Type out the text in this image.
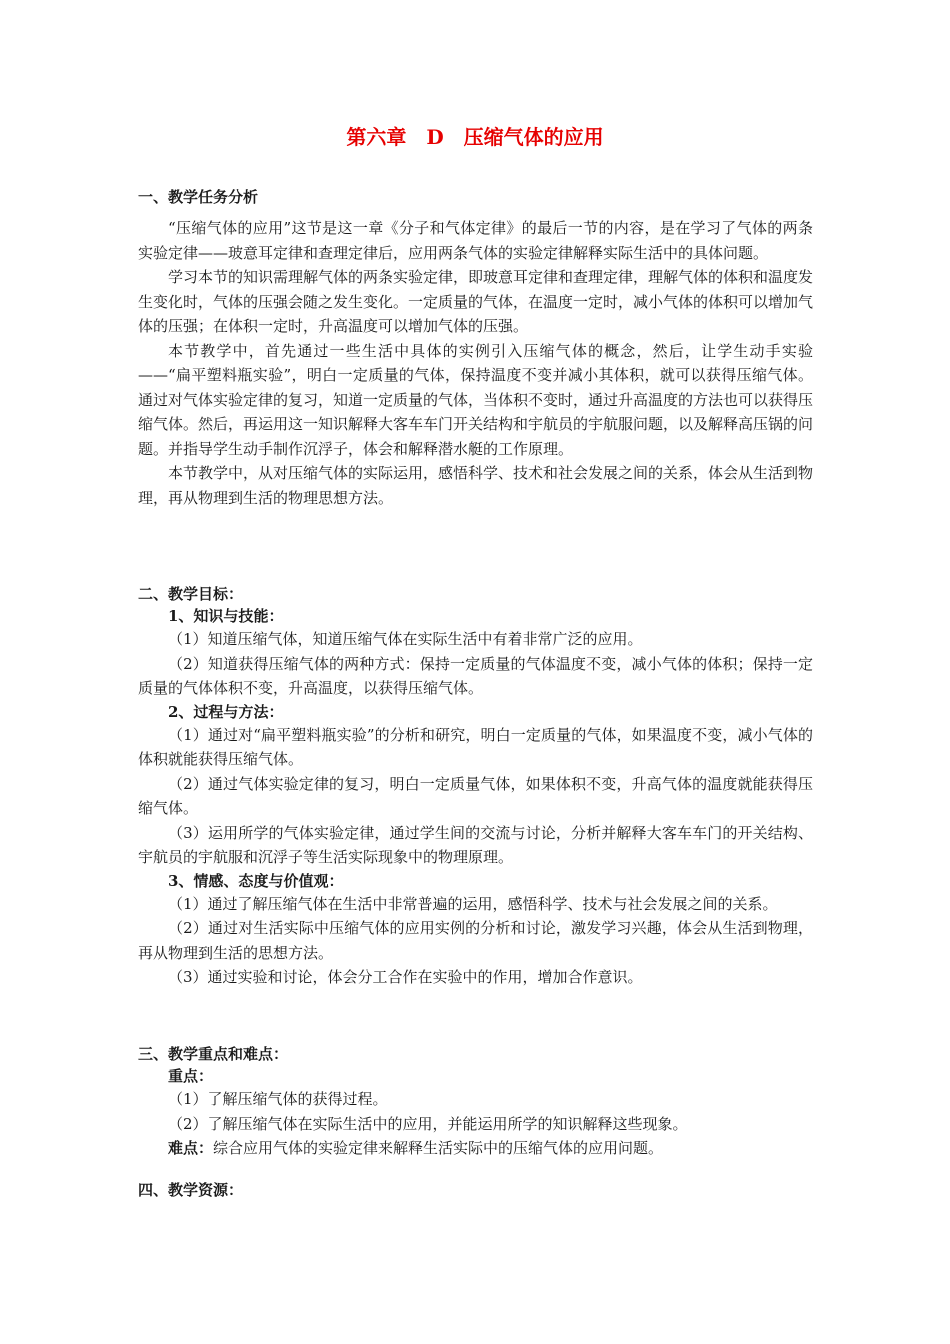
第六章　D　压缩气体的应用

一、教学任务分析

“压缩气体的应用”这节是这一章《分子和气体定律》的最后一节的内容，是在学习了气体的两条实验定律——玻意耳定律和查理定律后，应用两条气体的实验定律解释实际生活中的具体问题。

学习本节的知识需理解气体的两条实验定律，即玻意耳定律和查理定律，理解气体的体积和温度发生变化时，气体的压强会随之发生变化。一定质量的气体，在温度一定时，减小气体的体积可以增加气体的压强；在体积一定时，升高温度可以增加气体的压强。

本节教学中，首先通过一些生活中具体的实例引入压缩气体的概念，然后，让学生动手实验——“扁平塑料瓶实验”，明白一定质量的气体，保持温度不变并减小其体积，就可以获得压缩气体。通过对气体实验定律的复习，知道一定质量的气体，当体积不变时，通过升高温度的方法也可以获得压缩气体。然后，再运用这一知识解释大客车车门开关结构和宇航员的宇航服问题，以及解释高压锅的问题。并指导学生动手制作沉浮子，体会和解释潜水艇的工作原理。

本节教学中，从对压缩气体的实际运用，感悟科学、技术和社会发展之间的关系，体会从生活到物理，再从物理到生活的物理思想方法。

二、教学目标：

1、知识与技能：

（1）知道压缩气体，知道压缩气体在实际生活中有着非常广泛的应用。

（2）知道获得压缩气体的两种方式：保持一定质量的气体温度不变，减小气体的体积；保持一定质量的气体体积不变，升高温度，以获得压缩气体。

2、过程与方法：

（1）通过对“扁平塑料瓶实验”的分析和研究，明白一定质量的气体，如果温度不变，减小气体的体积就能获得压缩气体。

（2）通过气体实验定律的复习，明白一定质量气体，如果体积不变，升高气体的温度就能获得压缩气体。

（3）运用所学的气体实验定律，通过学生间的交流与讨论，分析并解释大客车车门的开关结构、宇航员的宇航服和沉浮子等生活实际现象中的物理原理。

3、情感、态度与价值观：

（1）通过了解压缩气体在生活中非常普遍的运用，感悟科学、技术与社会发展之间的关系。

（2）通过对生活实际中压缩气体的应用实例的分析和讨论，激发学习兴趣，体会从生活到物理，再从物理到生活的思想方法。

（3）通过实验和讨论，体会分工合作在实验中的作用，增加合作意识。

三、教学重点和难点：

重点：

（1）了解压缩气体的获得过程。

（2）了解压缩气体在实际生活中的应用，并能运用所学的知识解释这些现象。

难点：综合应用气体的实验定律来解释生活实际中的压缩气体的应用问题。

四、教学资源：
